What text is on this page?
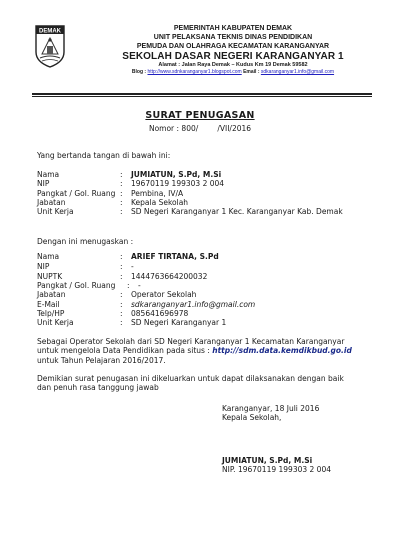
DEMAK	PEMERINTAH KABUPATEN DEMAK
UNIT PELAKSANA TEKNIS DINAS PENDIDIKAN
PEMUDA DAN OLAHRAGA KECAMATAN KARANGANYAR
SEKOLAH DASAR NEGERI KARANGANYAR 1
Alamat : Jalan Raya Demak – Kudus Km 19 Demak 59582
Blog : http://www.sdnkaranganyar1.blogspot.com Email : sdkaranganyar1.info@gmail.com
SURAT PENUGASAN
Nomor : 800/        /VII/2016
Yang bertanda tangan di bawah ini:
Nama	: JUMIATUN, S.Pd, M.Si
NIP	: 19670119 199303 2 004
Pangkat / Gol. Ruang : Pembina, IV/A
Jabatan	: Kepala Sekolah
Unit Kerja	: SD Negeri Karanganyar 1 Kec. Karanganyar Kab. Demak
Dengan ini menugaskan :
Nama	: ARIEF TIRTANA, S.Pd
NIP	: -
NUPTK	: 1444763664200032
Pangkat / Gol. Ruang : -
Jabatan	: Operator Sekolah
E-Mail	: sdkaranganyar1.info@gmail.com
Telp/HP	: 085641696978
Unit Kerja	: SD Negeri Karanganyar 1
Sebagai Operator Sekolah dari SD Negeri Karanganyar 1 Kecamatan Karanganyar
untuk mengelola Data Pendidikan pada situs : http://sdm.data.kemdikbud.go.id
untuk Tahun Pelajaran 2016/2017.
Demikian surat penugasan ini dikeluarkan untuk dapat dilaksanakan dengan baik
dan penuh rasa tanggung jawab
Karanganyar, 18 Juli 2016
Kepala Sekolah,
JUMIATUN, S.Pd, M.Si
NIP. 19670119 199303 2 004
